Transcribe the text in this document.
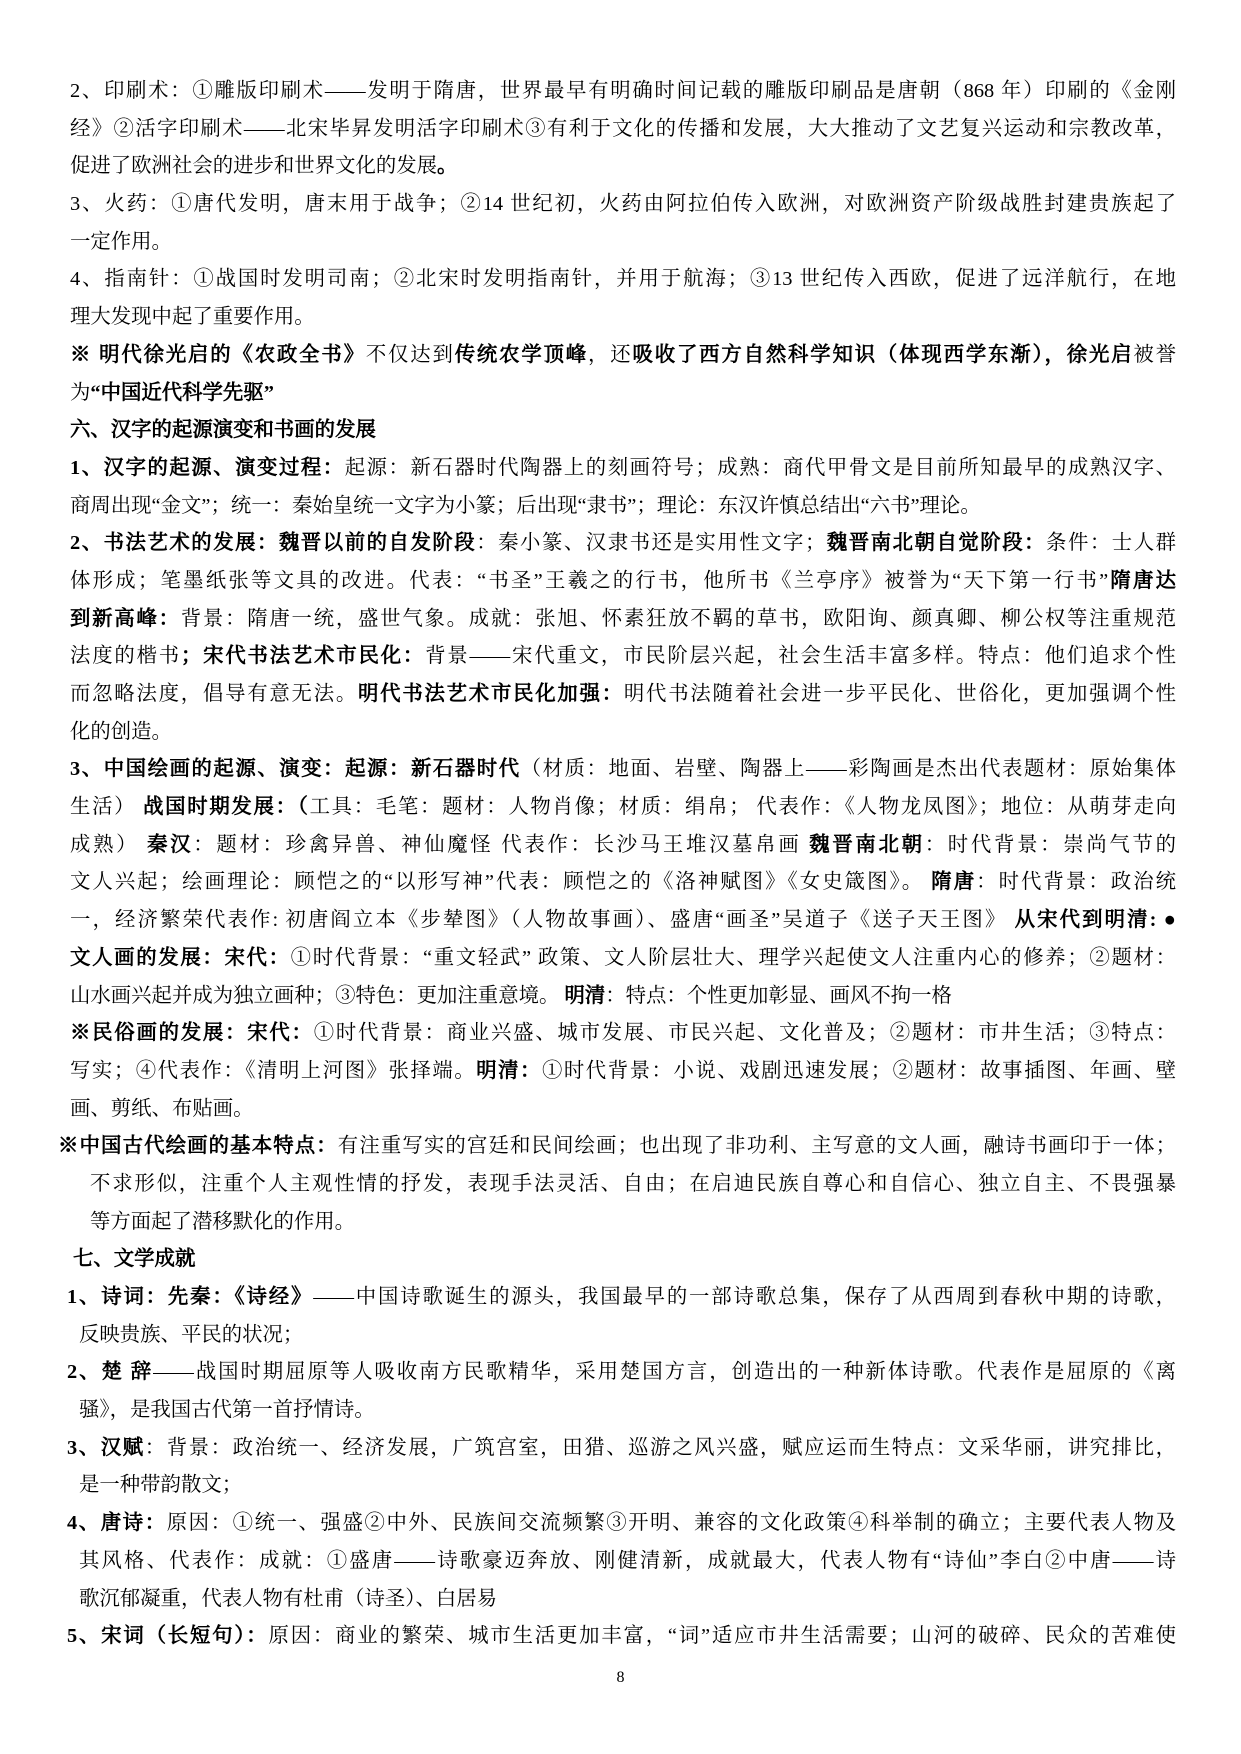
2、印刷术：①雕版印刷术——发明于隋唐，世界最早有明确时间记载的雕版印刷品是唐朝（868 年）印刷的《金刚
经》②活字印刷术——北宋毕昇发明活字印刷术③有利于文化的传播和发展，大大推动了文艺复兴运动和宗教改革，
促进了欧洲社会的进步和世界文化的发展。
3、火药：①唐代发明，唐末用于战争；②14 世纪初，火药由阿拉伯传入欧洲，对欧洲资产阶级战胜封建贵族起了
一定作用。
4、指南针：①战国时发明司南；②北宋时发明指南针，并用于航海；③13 世纪传入西欧，促进了远洋航行，在地
理大发现中起了重要作用。
※ 明代徐光启的《农政全书》不仅达到传统农学顶峰，还吸收了西方自然科学知识（体现西学东渐），徐光启被誉
为“中国近代科学先驱”
六、汉字的起源演变和书画的发展
1、汉字的起源、演变过程：起源：新石器时代陶器上的刻画符号；成熟：商代甲骨文是目前所知最早的成熟汉字、
商周出现“金文”；统一：秦始皇统一文字为小篆；后出现“隶书”；理论：东汉许慎总结出“六书”理论。
2、书法艺术的发展：魏晋以前的自发阶段：秦小篆、汉隶书还是实用性文字；魏晋南北朝自觉阶段：条件：士人群
体形成；笔墨纸张等文具的改进。代表：“书圣”王羲之的行书，他所书《兰亭序》被誉为“天下第一行书”隋唐达
到新高峰：背景：隋唐一统，盛世气象。成就：张旭、怀素狂放不羁的草书，欧阳询、颜真卿、柳公权等注重规范
法度的楷书；宋代书法艺术市民化：背景——宋代重文，市民阶层兴起，社会生活丰富多样。特点：他们追求个性
而忽略法度，倡导有意无法。明代书法艺术市民化加强：明代书法随着社会进一步平民化、世俗化，更加强调个性
化的创造。
3、中国绘画的起源、演变：起源：新石器时代（材质：地面、岩壁、陶器上——彩陶画是杰出代表题材：原始集体
生活） 战国时期发展：（工具：毛笔：题材：人物肖像；材质：绢帛； 代表作：《人物龙凤图》；地位：从萌芽走向
成熟） 秦汉：题材：珍禽异兽、神仙魔怪 代表作：长沙马王堆汉墓帛画 魏晋南北朝：时代背景：崇尚气节的
文人兴起；绘画理论：顾恺之的“以形写神”代表：顾恺之的《洛神赋图》《女史箴图》。 隋唐：时代背景：政治统
一，经济繁荣代表作: 初唐阎立本《步辇图》（人物故事画）、盛唐“画圣”吴道子《送子天王图》 从宋代到明清: ●
文人画的发展：宋代：①时代背景：“重文轻武” 政策、文人阶层壮大、理学兴起使文人注重内心的修养；②题材：
山水画兴起并成为独立画种；③特色：更加注重意境。 明清：特点：个性更加彰显、画风不拘一格
※民俗画的发展：宋代：①时代背景：商业兴盛、城市发展、市民兴起、文化普及；②题材：市井生活；③特点：
写实；④代表作：《清明上河图》张择端。明清：①时代背景：小说、戏剧迅速发展；②题材：故事插图、年画、壁
画、剪纸、布贴画。
※中国古代绘画的基本特点：有注重写实的宫廷和民间绘画；也出现了非功利、主写意的文人画，融诗书画印于一体；
不求形似，注重个人主观性情的抒发，表现手法灵活、自由；在启迪民族自尊心和自信心、独立自主、不畏强暴
等方面起了潜移默化的作用。
七、文学成就
1、诗词：先秦：《诗经》——中国诗歌诞生的源头，我国最早的一部诗歌总集，保存了从西周到春秋中期的诗歌，
反映贵族、平民的状况；
2、楚 辞——战国时期屈原等人吸收南方民歌精华，采用楚国方言，创造出的一种新体诗歌。代表作是屈原的《离
骚》，是我国古代第一首抒情诗。
3、汉赋：背景：政治统一、经济发展，广筑宫室，田猎、巡游之风兴盛，赋应运而生特点：文采华丽，讲究排比，
是一种带韵散文；
4、唐诗：原因：①统一、强盛②中外、民族间交流频繁③开明、兼容的文化政策④科举制的确立；主要代表人物及
其风格、代表作：成就：①盛唐——诗歌豪迈奔放、刚健清新，成就最大，代表人物有“诗仙”李白②中唐——诗
歌沉郁凝重，代表人物有杜甫（诗圣）、白居易
5、宋词（长短句）：原因：商业的繁荣、城市生活更加丰富，“词”适应市井生活需要；山河的破碎、民众的苦难使
8
